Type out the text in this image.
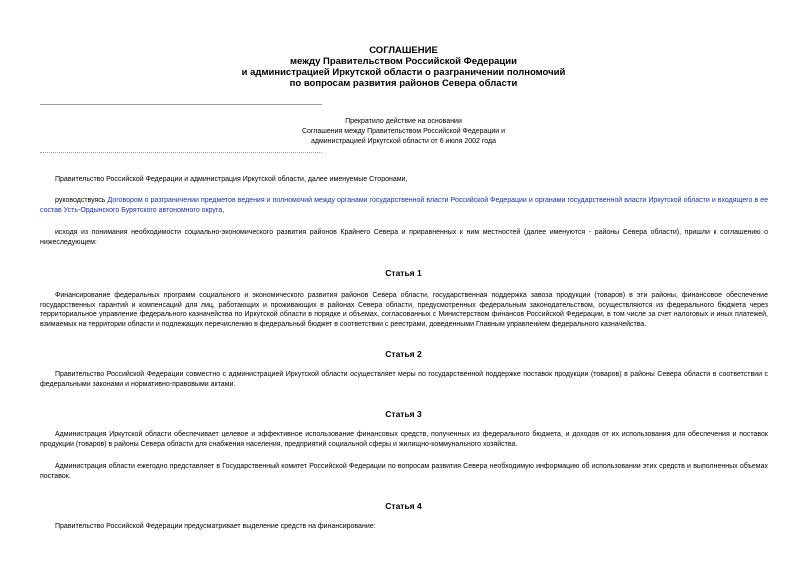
СОГЛАШЕНИЕ
между Правительством Российской Федерации
и администрацией Иркутской области о разграничении полномочий
по вопросам развития районов Севера области
Прекратило действие на основании
Соглашения между Правительством Российской Федерации и
администрацией Иркутской области от 6 июля 2002 года
Правительство Российской Федерации и администрация Иркутской области, далее именуемые Сторонами,
руководствуясь Договором о разграничении предметов ведения и полномочий между органами государственной власти Российской Федерации и органами государственной власти Иркутской области и входящего в ее состав Усть-Ордынского Бурятского автономного округа,
исходя из понимания необходимости социально-экономического развития районов Крайнего Севера и приравненных к ним местностей (далее именуются - районы Севера области), пришли к соглашению о нижеследующем:
Статья 1
Финансирование федеральных программ социального и экономического развития районов Севера области, государственная поддержка завоза продукции (товаров) в эти районы, финансовое обеспечение государственных гарантий и компенсаций для лиц, работающих и проживающих в районах Севера области, предусмотренных федеральным законодательством, осуществляются из федерального бюджета через территориальное управление федерального казначейства по Иркутской области в порядке и объемах, согласованных с Министерством финансов Российской Федерации, в том числе за счет налоговых и иных платежей, взимаемых на территории области и подлежащих перечислению в федеральный бюджет в соответствии с реестрами, доведенными Главным управлением федерального казначейства.
Статья 2
Правительство Российской Федерации совместно с администрацией Иркутской области осуществляет меры по государственной поддержке поставок продукции (товаров) в районы Севера области в соответствии с федеральными законами и нормативно-правовыми актами.
Статья 3
Администрация Иркутской области обеспечивает целевое и эффективное использование финансовых средств, полученных из федерального бюджета, и доходов от их использования для обеспечения и поставок продукции (товаров) в районы Севера области для снабжения населения, предприятий социальной сферы и жилищно-коммунального хозяйства.
Администрация области ежегодно представляет в Государственный комитет Российской Федерации по вопросам развития Севера необходимую информацию об использовании этих средств и выполненных объемах поставок.
Статья 4
Правительство Российской Федерации предусматривает выделение средств на финансирование:
